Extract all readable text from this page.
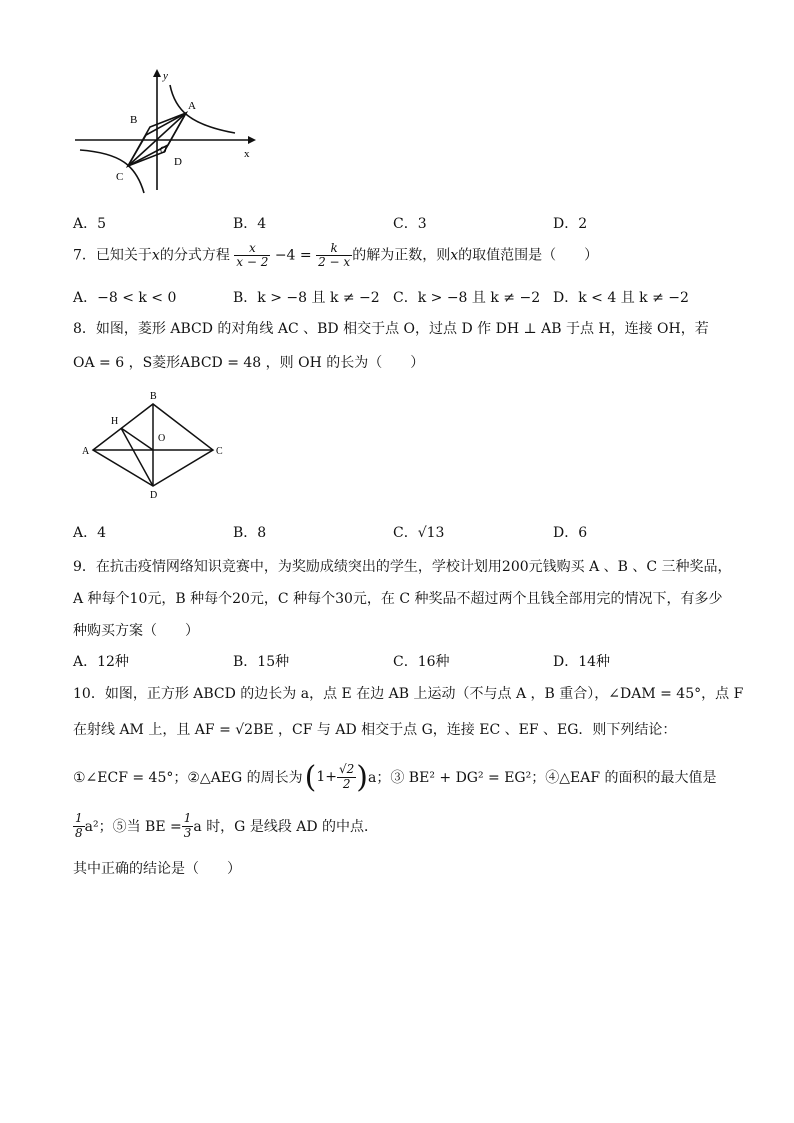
y
x
A
B
C
D
O
A．5	B．4	C．3	D．2
7．已知关于x的分式方程 $\frac{x}{x - 2} -4 = \frac{k}{2 - x}$ 的解为正数，则x的取值范围是（　　）
A．−8 < k < 0	B．k > −8 且 k ≠ −2 C．k > −8 且 k ≠ −2 D．k < 4 且 k ≠ −2
8．如图，菱形 ABCD 的对角线 AC 、BD 相交于点 O，过点 D 作 DH ⊥ AB 于点 H，连接 OH，若
OA = 6 ，S菱形ABCD = 48 ，则 OH 的长为（　　）
A
B
C
D
H
O
A．4	B．8	C．√13	D．6
9．在抗击疫情网络知识竞赛中，为奖励成绩突出的学生，学校计划用200元钱购买 A 、B 、C 三种奖品，
A 种每个10元，B 种每个20元，C 种每个30元，在 C 种奖品不超过两个且钱全部用完的情况下，有多少
种购买方案（　　）
A．12种	B．15种	C．16种	D．14种
10．如图，正方形 ABCD 的边长为 a，点 E 在边 AB 上运动（不与点 A ，B 重合），∠DAM = 45°，点 F
在射线 AM 上，且 AF = √2BE ，CF 与 AD 相交于点 G，连接 EC 、EF 、EG．则下列结论：
①∠ECF = 45°；②△AEG 的周长为 ( $1+ \frac{√2}{2}$ ) a；③ BE² + DG² = EG²；④△EAF 的面积的最大值是
$\frac{1}{8} a^2$；⑤当 BE = $\frac{1}{3}$ a 时，G 是线段 AD 的中点．
其中正确的结论是（　　）
